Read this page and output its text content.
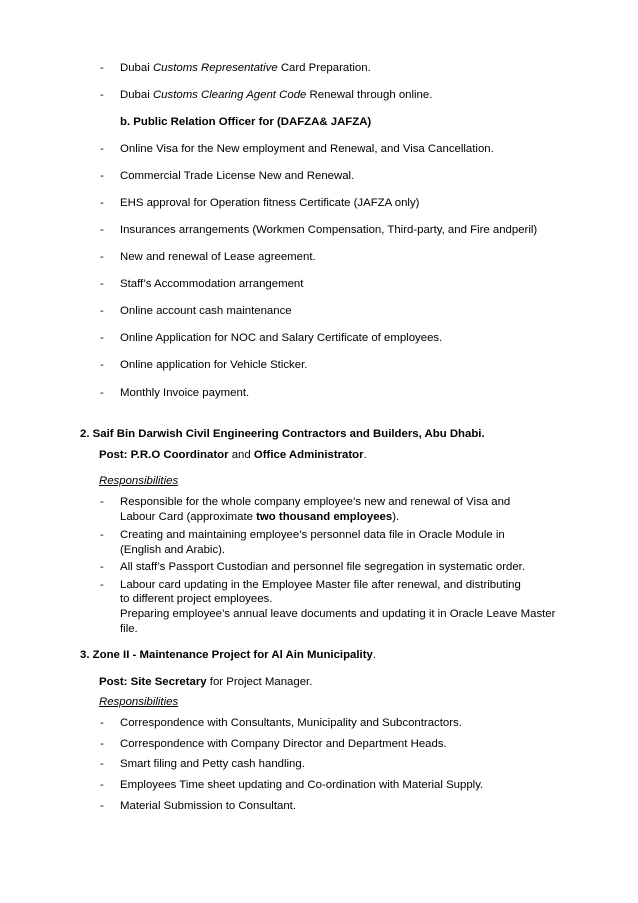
- Dubai Customs Representative Card Preparation.
- Dubai Customs Clearing Agent Code Renewal through online.
b. Public Relation Officer for (DAFZA& JAFZA)
- Online Visa for the New employment and Renewal, and Visa Cancellation.
- Commercial Trade License New and Renewal.
- EHS approval for Operation fitness Certificate (JAFZA only)
- Insurances arrangements (Workmen Compensation, Third-party, and Fire andperil)
- New and renewal of Lease agreement.
- Staff’s Accommodation arrangement
- Online account cash maintenance
- Online Application for NOC and Salary Certificate of employees.
- Online application for Vehicle Sticker.
- Monthly Invoice payment.
2. Saif Bin Darwish Civil Engineering Contractors and Builders, Abu Dhabi.
Post: P.R.O Coordinator and Office Administrator.
Responsibilities
- Responsible for the whole company employee’s new and renewal of Visa and
Labour Card (approximate two thousand employees).
- Creating and maintaining employee’s personnel data file in Oracle Module in
(English and Arabic).
- All staff’s Passport Custodian and personnel file segregation in systematic order.
- Labour card updating in the Employee Master file after renewal, and distributing
to different project employees.
Preparing employee’s annual leave documents and updating it in Oracle Leave Master
file.
3. Zone II - Maintenance Project for Al Ain Municipality.
Post: Site Secretary for Project Manager.
Responsibilities
- Correspondence with Consultants, Municipality and Subcontractors.
- Correspondence with Company Director and Department Heads.
- Smart filing and Petty cash handling.
- Employees Time sheet updating and Co-ordination with Material Supply.
- Material Submission to Consultant.
